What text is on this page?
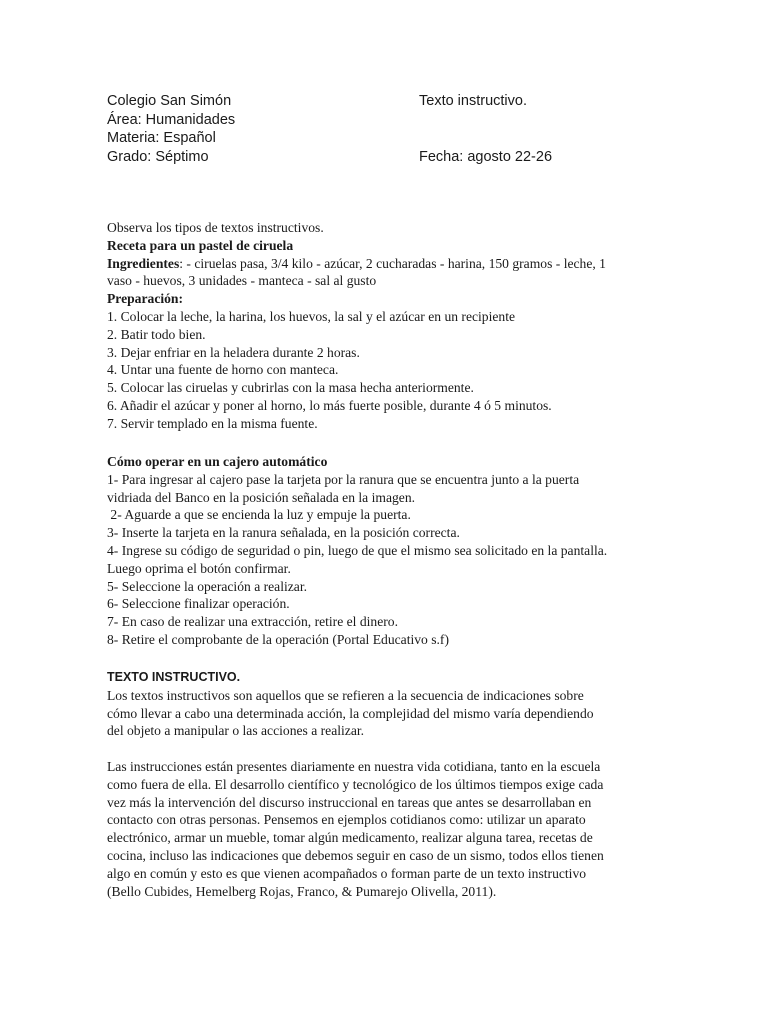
Colegio San Simón	Texto instructivo.
Área: Humanidades
Materia: Español
Grado: Séptimo	Fecha: agosto 22-26
Observa los tipos de textos instructivos.
Receta para un pastel de ciruela
Ingredientes: - ciruelas pasa, 3/4 kilo - azúcar, 2 cucharadas - harina, 150 gramos - leche, 1
vaso - huevos, 3 unidades - manteca - sal al gusto
Preparación:
1. Colocar la leche, la harina, los huevos, la sal y el azúcar en un recipiente
2. Batir todo bien.
3. Dejar enfriar en la heladera durante 2 horas.
4. Untar una fuente de horno con manteca.
5. Colocar las ciruelas y cubrirlas con la masa hecha anteriormente.
6. Añadir el azúcar y poner al horno, lo más fuerte posible, durante 4 ó 5 minutos.
7. Servir templado en la misma fuente.
Cómo operar en un cajero automático
1- Para ingresar al cajero pase la tarjeta por la ranura que se encuentra junto a la puerta
vidriada del Banco en la posición señalada en la imagen.
2- Aguarde a que se encienda la luz y empuje la puerta.
3- Inserte la tarjeta en la ranura señalada, en la posición correcta.
4- Ingrese su código de seguridad o pin, luego de que el mismo sea solicitado en la pantalla.
Luego oprima el botón confirmar.
5- Seleccione la operación a realizar.
6- Seleccione finalizar operación.
7- En caso de realizar una extracción, retire el dinero.
8- Retire el comprobante de la operación (Portal Educativo s.f)
TEXTO INSTRUCTIVO.
Los textos instructivos son aquellos que se refieren a la secuencia de indicaciones sobre
cómo llevar a cabo una determinada acción, la complejidad del mismo varía dependiendo
del objeto a manipular o las acciones a realizar.
Las instrucciones están presentes diariamente en nuestra vida cotidiana, tanto en la escuela
como fuera de ella. El desarrollo científico y tecnológico de los últimos tiempos exige cada
vez más la intervención del discurso instruccional en tareas que antes se desarrollaban en
contacto con otras personas. Pensemos en ejemplos cotidianos como: utilizar un aparato
electrónico, armar un mueble, tomar algún medicamento, realizar alguna tarea, recetas de
cocina, incluso las indicaciones que debemos seguir en caso de un sismo, todos ellos tienen
algo en común y esto es que vienen acompañados o forman parte de un texto instructivo
(Bello Cubides, Hemelberg Rojas, Franco, & Pumarejo Olivella, 2011).
